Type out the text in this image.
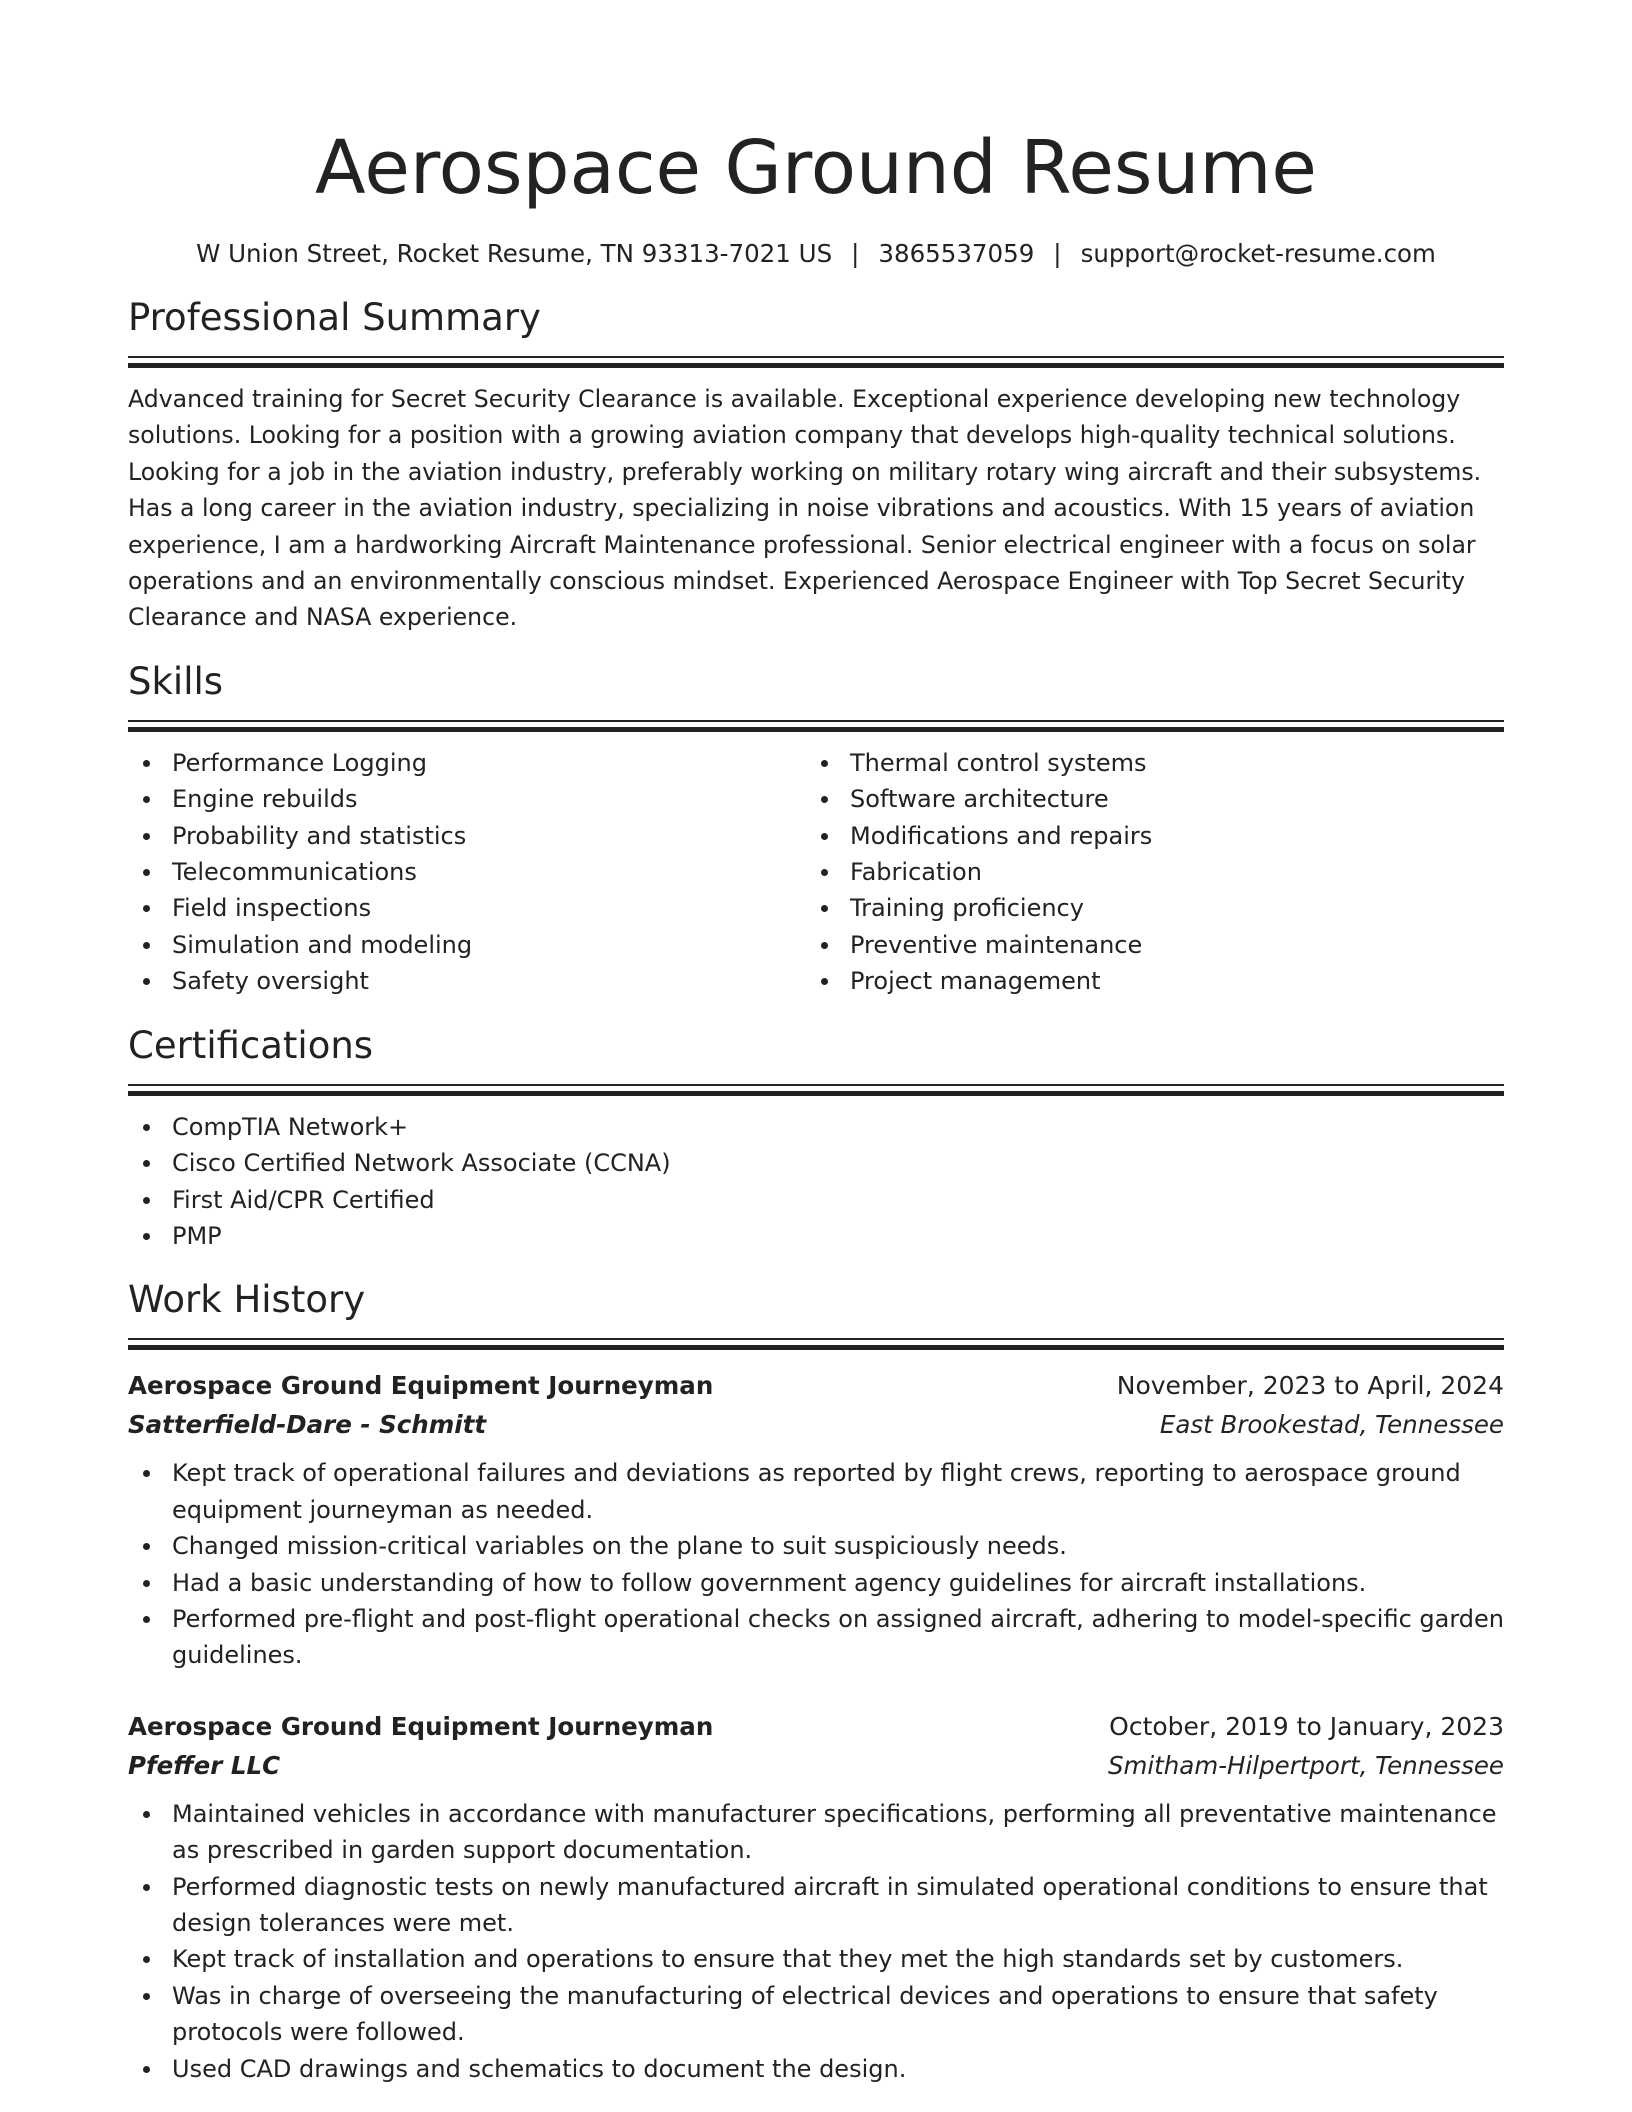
Aerospace Ground Resume
W Union Street, Rocket Resume, TN 93313-7021 US | 3865537059 | support@rocket-resume.com
Professional Summary
Advanced training for Secret Security Clearance is available. Exceptional experience developing new technology solutions. Looking for a position with a growing aviation company that develops high-quality technical solutions. Looking for a job in the aviation industry, preferably working on military rotary wing aircraft and their subsystems. Has a long career in the aviation industry, specializing in noise vibrations and acoustics. With 15 years of aviation experience, I am a hardworking Aircraft Maintenance professional. Senior electrical engineer with a focus on solar operations and an environmentally conscious mindset. Experienced Aerospace Engineer with Top Secret Security Clearance and NASA experience.
Skills
Performance Logging
Engine rebuilds
Probability and statistics
Telecommunications
Field inspections
Simulation and modeling
Safety oversight
Thermal control systems
Software architecture
Modifications and repairs
Fabrication
Training proficiency
Preventive maintenance
Project management
Certifications
CompTIA Network+
Cisco Certified Network Associate (CCNA)
First Aid/CPR Certified
PMP
Work History
Aerospace Ground Equipment Journeyman	November, 2023 to April, 2024
Satterfield-Dare - Schmitt	East Brookestad, Tennessee
Kept track of operational failures and deviations as reported by flight crews, reporting to aerospace ground equipment journeyman as needed.
Changed mission-critical variables on the plane to suit suspiciously needs.
Had a basic understanding of how to follow government agency guidelines for aircraft installations.
Performed pre-flight and post-flight operational checks on assigned aircraft, adhering to model-specific garden guidelines.
Aerospace Ground Equipment Journeyman	October, 2019 to January, 2023
Pfeffer LLC	Smitham-Hilpertport, Tennessee
Maintained vehicles in accordance with manufacturer specifications, performing all preventative maintenance as prescribed in garden support documentation.
Performed diagnostic tests on newly manufactured aircraft in simulated operational conditions to ensure that design tolerances were met.
Kept track of installation and operations to ensure that they met the high standards set by customers.
Was in charge of overseeing the manufacturing of electrical devices and operations to ensure that safety protocols were followed.
Used CAD drawings and schematics to document the design.
